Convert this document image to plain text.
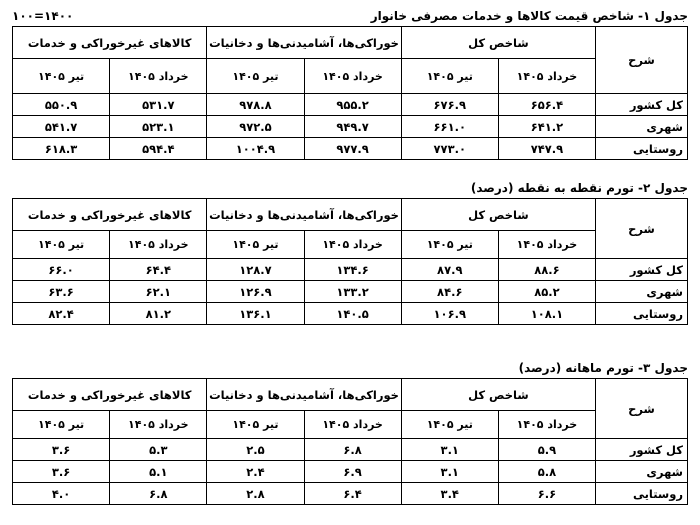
جدول ۱- شاخص قیمت کالاها و خدمات مصرفی خانوار
۱۴۰۰=۱۰۰
شرح	شاخص کل		خوراکی‌ها، آشامیدنی‌ها و دخانیات		کالاهای غیرخوراکی و خدمات	
	خرداد ۱۴۰۵	تیر ۱۴۰۵	خرداد ۱۴۰۵	تیر ۱۴۰۵	خرداد ۱۴۰۵	تیر ۱۴۰۵
کل کشور	۶۵۶.۴	۶۷۶.۹	۹۵۵.۲	۹۷۸.۸	۵۳۱.۷	۵۵۰.۹
شهری	۶۴۱.۲	۶۶۱.۰	۹۴۹.۷	۹۷۲.۵	۵۲۳.۱	۵۴۱.۷
روستایی	۷۴۷.۹	۷۷۳.۰	۹۷۷.۹	۱۰۰۴.۹	۵۹۴.۴	۶۱۸.۳
جدول ۲- تورم نقطه به نقطه (درصد)
شرح	شاخص کل		خوراکی‌ها، آشامیدنی‌ها و دخانیات		کالاهای غیرخوراکی و خدمات	
	خرداد ۱۴۰۵	تیر ۱۴۰۵	خرداد ۱۴۰۵	تیر ۱۴۰۵	خرداد ۱۴۰۵	تیر ۱۴۰۵
کل کشور	۸۸.۶	۸۷.۹	۱۳۴.۶	۱۲۸.۷	۶۴.۴	۶۶.۰
شهری	۸۵.۲	۸۴.۶	۱۳۳.۲	۱۲۶.۹	۶۲.۱	۶۳.۶
روستایی	۱۰۸.۱	۱۰۶.۹	۱۴۰.۵	۱۳۶.۱	۸۱.۲	۸۲.۴
جدول ۳- تورم ماهانه (درصد)
شرح	شاخص کل		خوراکی‌ها، آشامیدنی‌ها و دخانیات		کالاهای غیرخوراکی و خدمات	
	خرداد ۱۴۰۵	تیر ۱۴۰۵	خرداد ۱۴۰۵	تیر ۱۴۰۵	خرداد ۱۴۰۵	تیر ۱۴۰۵
کل کشور	۵.۹	۳.۱	۶.۸	۲.۵	۵.۳	۳.۶
شهری	۵.۸	۳.۱	۶.۹	۲.۴	۵.۱	۳.۶
روستایی	۶.۶	۳.۴	۶.۴	۲.۸	۶.۸	۴.۰
